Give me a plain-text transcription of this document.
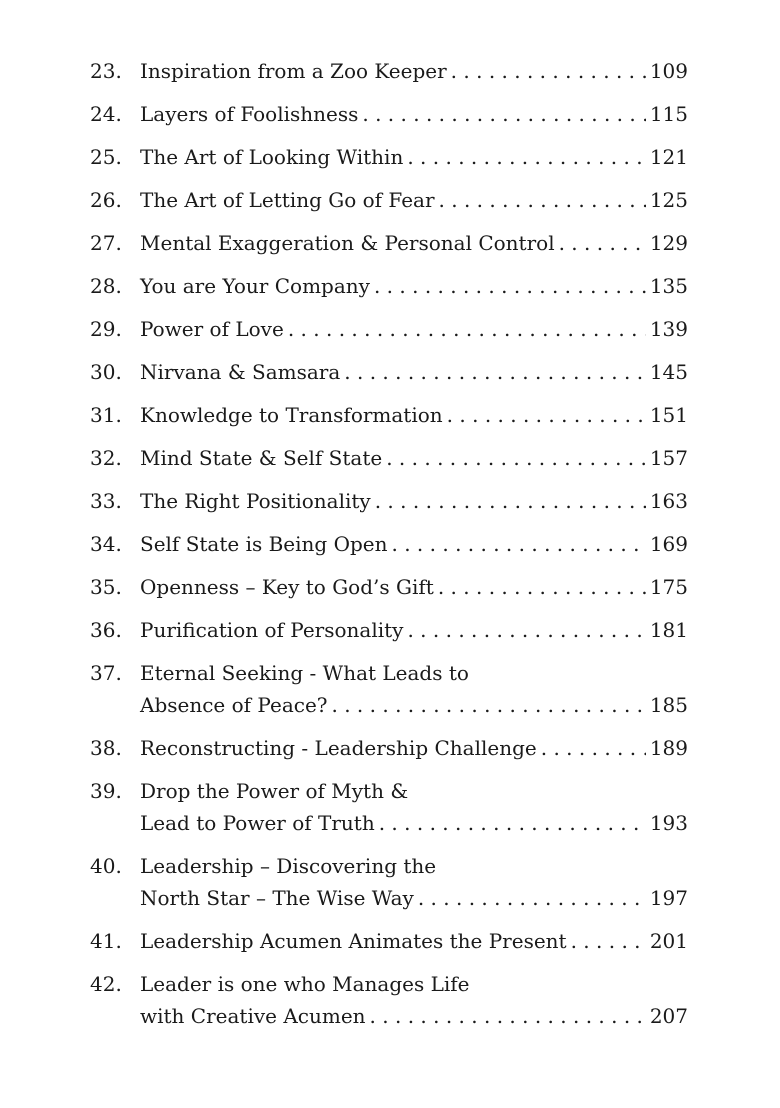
23. Inspiration from a Zoo Keeper . . .	109
24. Layers of Foolishness . . .	115
25. The Art of Looking Within . . .	121
26. The Art of Letting Go of Fear . . .	125
27. Mental Exaggeration & Personal Control . . .	129
28. You are Your Company . . .	135
29. Power of Love . . .	139
30. Nirvana & Samsara . . .	145
31. Knowledge to Transformation . . .	151
32. Mind State & Self State . . .	157
33. The Right Positionality . . .	163
34. Self State is Being Open . . .	169
35. Openness – Key to God’s Gift . . .	175
36. Purification of Personality . . .	181
37. Eternal Seeking - What Leads to
Absence of Peace? . . .	185
38. Reconstructing - Leadership Challenge . . .	189
39. Drop the Power of Myth &
Lead to Power of Truth . . .	193
40. Leadership – Discovering the
North Star – The Wise Way . . .	197
41. Leadership Acumen Animates the Present . . .	201
42. Leader is one who Manages Life
with Creative Acumen . . .	207
